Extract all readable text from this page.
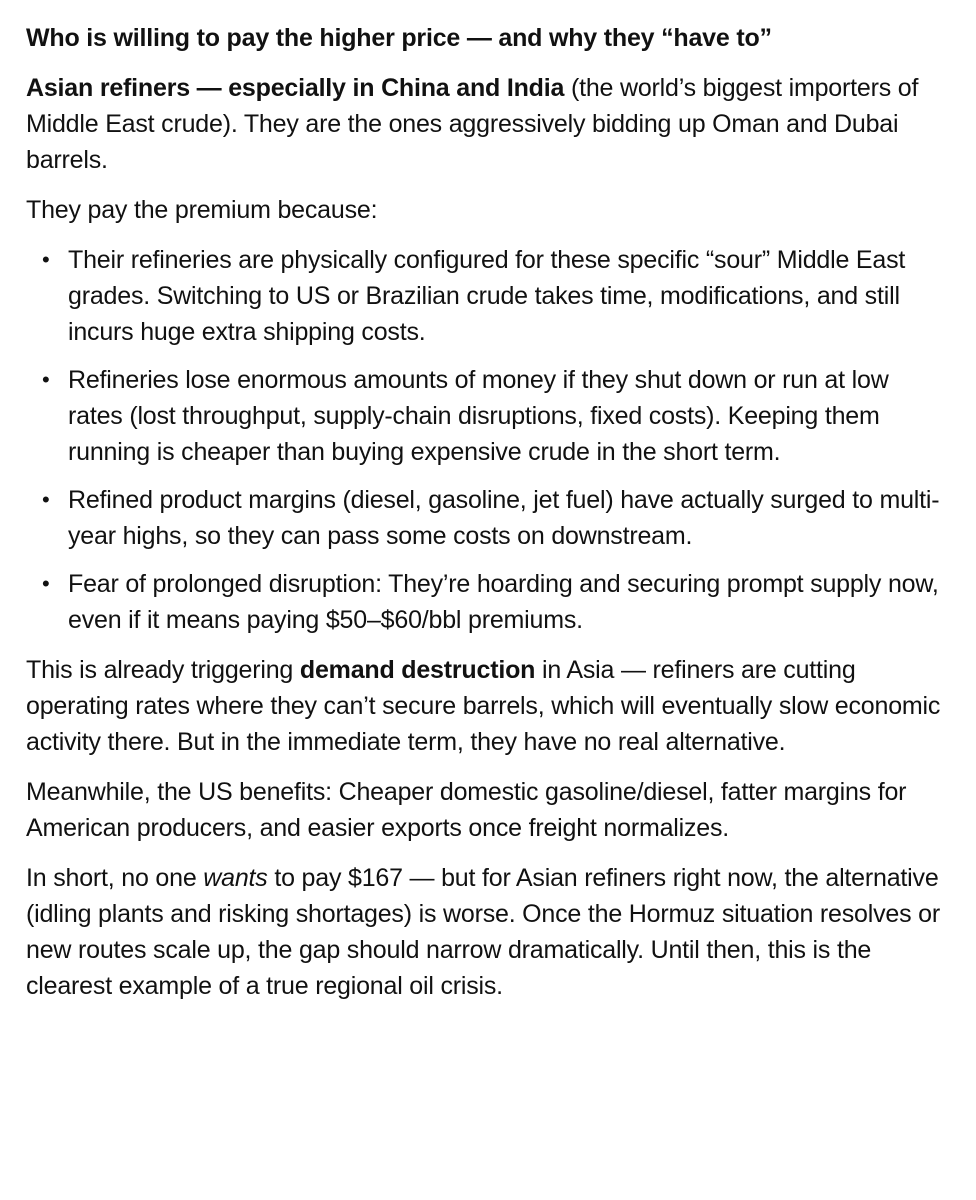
Who is willing to pay the higher price — and why they “have to”

Asian refiners — especially in China and India (the world’s biggest importers of Middle East crude). They are the ones aggressively bidding up Oman and Dubai barrels.

They pay the premium because:

• Their refineries are physically configured for these specific “sour” Middle East grades. Switching to US or Brazilian crude takes time, modifications, and still incurs huge extra shipping costs.
• Refineries lose enormous amounts of money if they shut down or run at low rates (lost throughput, supply-chain disruptions, fixed costs). Keeping them running is cheaper than buying expensive crude in the short term.
• Refined product margins (diesel, gasoline, jet fuel) have actually surged to multi-year highs, so they can pass some costs on downstream.
• Fear of prolonged disruption: They’re hoarding and securing prompt supply now, even if it means paying $50–$60/bbl premiums.

This is already triggering demand destruction in Asia — refiners are cutting operating rates where they can’t secure barrels, which will eventually slow economic activity there. But in the immediate term, they have no real alternative.

Meanwhile, the US benefits: Cheaper domestic gasoline/diesel, fatter margins for American producers, and easier exports once freight normalizes.

In short, no one wants to pay $167 — but for Asian refiners right now, the alternative (idling plants and risking shortages) is worse. Once the Hormuz situation resolves or new routes scale up, the gap should narrow dramatically. Until then, this is the clearest example of a true regional oil crisis.
